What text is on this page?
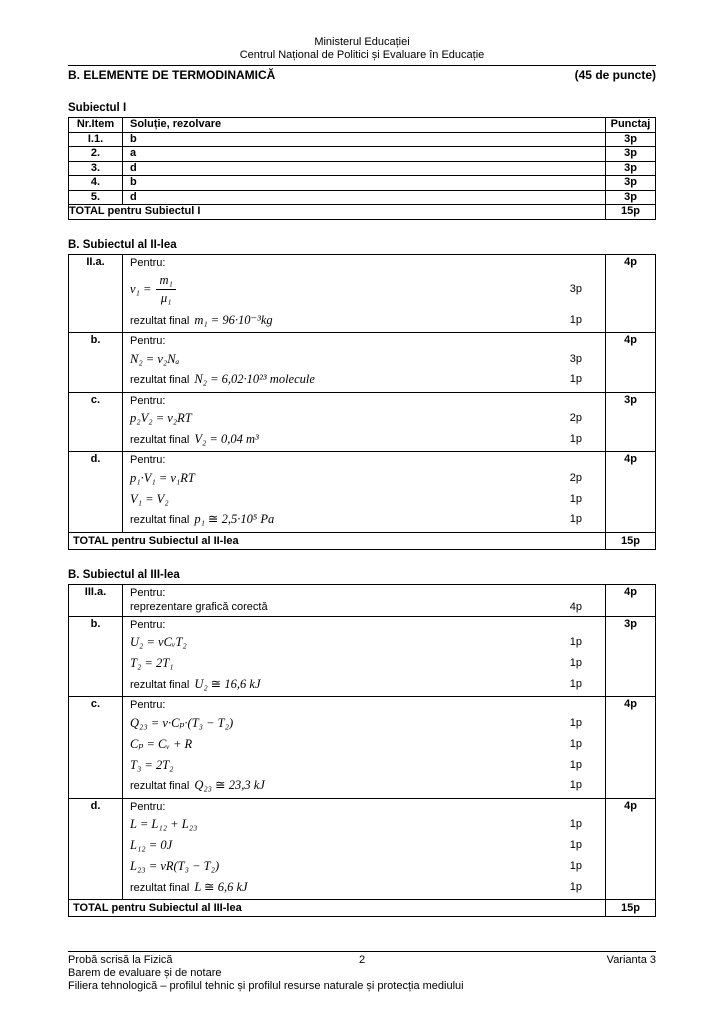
Ministerul Educației
Centrul Național de Politici și Evaluare în Educație
B. ELEMENTE DE TERMODINAMICĂ	(45 de puncte)
Subiectul I
Nr.Item	Soluție, rezolvare	Punctaj
I.1.	b	3p
2.	a	3p
3.	d	3p
4.	b	3p
5.	d	3p
TOTAL pentru Subiectul I		15p
B. Subiectul al II-lea
II.a.	Pentru:
$\nu_1 = \frac{\text{m₁}}{\text{μ₁}}$	3p
rezultat final m₁ = 96·10⁻³kg	1p
	4p
b.	Pentru:
N₂ = ν₂Nₐ	3p
rezultat final N₂ = 6,02·10²³ molecule	1p
	4p
c.	Pentru:
p₂V₂ = ν₂RT	2p
rezultat final V₂ = 0,04 m³	1p
	3p
d.	Pentru:
p₁·V₁ = ν₁RT	2p
V₁ = V₂	1p
rezultat final p₁ ≅ 2,5·10⁵ Pa	1p
	4p
TOTAL pentru Subiectul al II-lea		15p
B. Subiectul al III-lea
III.a.	Pentru:
reprezentare grafică corectă 4p	4p
b.	Pentru:
U₂ = νCᵥT₂	1p
T₂ = 2T₁	1p
rezultat final U₂ ≅ 16,6 kJ	1p
	3p
c.	Pentru:
Q₂₃ = ν·Cₚ·(T₃ − T₂)	1p
Cₚ = Cᵥ + R	1p
T₃ = 2T₂	1p
rezultat final Q₂₃ ≅ 23,3 kJ	1p
	4p
d.	Pentru:
L = L₁₂ + L₂₃	1p
L₁₂ = 0J	1p
L₂₃ = νR(T₃ − T₂)	1p
rezultat final L ≅ 6,6 kJ	1p
	4p
TOTAL pentru Subiectul al III-lea		15p
Probă scrisă la Fizică	2	Varianta 3
Barem de evaluare și de notare
Filiera tehnologică – profilul tehnic și profilul resurse naturale și protecția mediului
